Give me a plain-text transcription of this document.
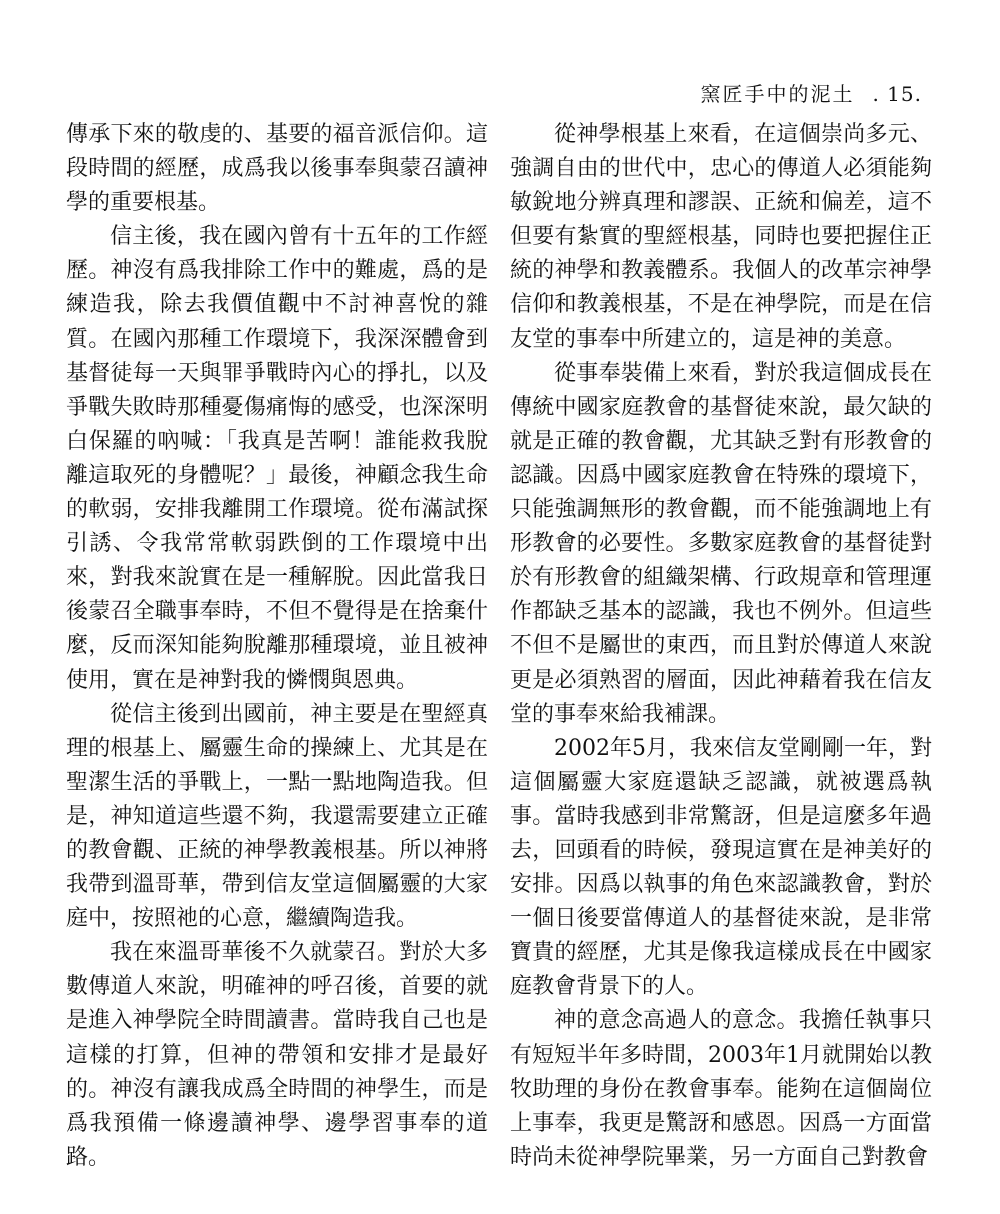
窯匠手中的泥土 . 15.

傳承下來的敬虔的、基要的福音派信仰。這段時間的經歷，成爲我以後事奉與蒙召讀神學的重要根基。

信主後，我在國內曾有十五年的工作經歷。神沒有爲我排除工作中的難處，爲的是練造我，除去我價值觀中不討神喜悅的雜質。在國內那種工作環境下，我深深體會到基督徒每一天與罪爭戰時內心的掙扎，以及爭戰失敗時那種憂傷痛悔的感受，也深深明白保羅的吶喊：「我真是苦啊！誰能救我脫離這取死的身體呢？」最後，神顧念我生命的軟弱，安排我離開工作環境。從布滿試探引誘、令我常常軟弱跌倒的工作環境中出來，對我來說實在是一種解脫。因此當我日後蒙召全職事奉時，不但不覺得是在捨棄什麼，反而深知能夠脫離那種環境，並且被神使用，實在是神對我的憐憫與恩典。

從信主後到出國前，神主要是在聖經真理的根基上、屬靈生命的操練上、尤其是在聖潔生活的爭戰上，一點一點地陶造我。但是，神知道這些還不夠，我還需要建立正確的教會觀、正統的神學教義根基。所以神將我帶到溫哥華，帶到信友堂這個屬靈的大家庭中，按照祂的心意，繼續陶造我。

我在來溫哥華後不久就蒙召。對於大多數傳道人來說，明確神的呼召後，首要的就是進入神學院全時間讀書。當時我自己也是這樣的打算，但神的帶領和安排才是最好的。神沒有讓我成爲全時間的神學生，而是爲我預備一條邊讀神學、邊學習事奉的道路。

從神學根基上來看，在這個崇尚多元、強調自由的世代中，忠心的傳道人必須能夠敏銳地分辨真理和謬誤、正統和偏差，這不但要有紮實的聖經根基，同時也要把握住正統的神學和教義體系。我個人的改革宗神學信仰和教義根基，不是在神學院，而是在信友堂的事奉中所建立的，這是神的美意。

從事奉裝備上來看，對於我這個成長在傳統中國家庭教會的基督徒來說，最欠缺的就是正確的教會觀，尤其缺乏對有形教會的認識。因爲中國家庭教會在特殊的環境下，只能強調無形的教會觀，而不能強調地上有形教會的必要性。多數家庭教會的基督徒對於有形教會的組織架構、行政規章和管理運作都缺乏基本的認識，我也不例外。但這些不但不是屬世的東西，而且對於傳道人來說更是必須熟習的層面，因此神藉着我在信友堂的事奉來給我補課。

2002年5月，我來信友堂剛剛一年，對這個屬靈大家庭還缺乏認識，就被選爲執事。當時我感到非常驚訝，但是這麼多年過去，回頭看的時候，發現這實在是神美好的安排。因爲以執事的角色來認識教會，對於一個日後要當傳道人的基督徒來說，是非常寶貴的經歷，尤其是像我這樣成長在中國家庭教會背景下的人。

神的意念高過人的意念。我擔任執事只有短短半年多時間，2003年1月就開始以教牧助理的身份在教會事奉。能夠在這個崗位上事奉，我更是驚訝和感恩。因爲一方面當時尚未從神學院畢業，另一方面自己對教會
